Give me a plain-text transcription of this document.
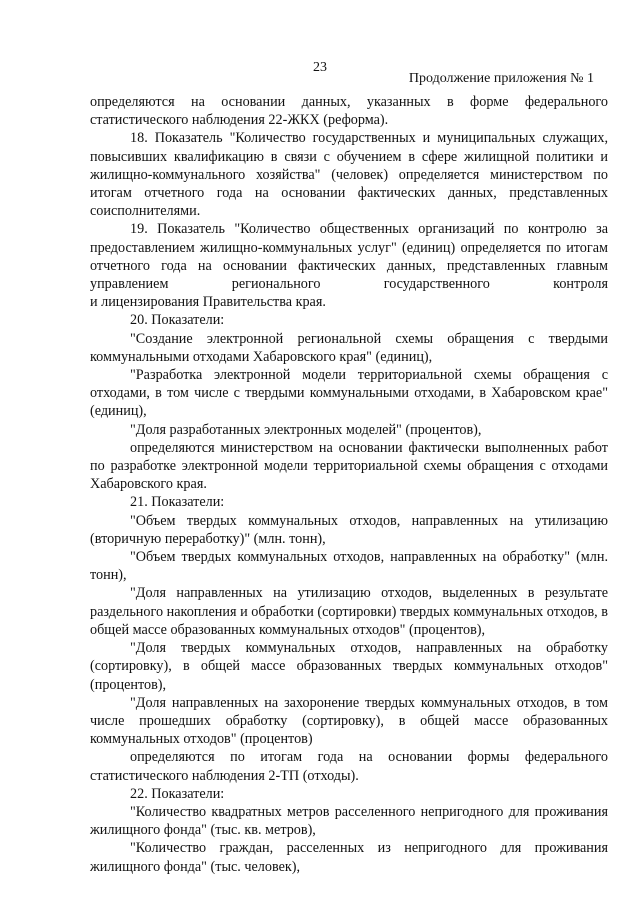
23
Продолжение приложения № 1

определяются на основании данных, указанных в форме федерального статистического наблюдения 22-ЖКХ (реформа).

18. Показатель "Количество государственных и муниципальных служащих, повысивших квалификацию в связи с обучением в сфере жилищной политики и жилищно-коммунального хозяйства" (человек) определяется министерством по итогам отчетного года на основании фактических данных, представленных соисполнителями.

19. Показатель "Количество общественных организаций по контролю за предоставлением жилищно-коммунальных услуг" (единиц) определяется по итогам отчетного года на основании фактических данных, представленных главным управлением регионального государственного контроля

и лицензирования Правительства края.

20. Показатели:

"Создание электронной региональной схемы обращения с твердыми коммунальными отходами Хабаровского края" (единиц),

"Разработка электронной модели территориальной схемы обращения с отходами, в том числе с твердыми коммунальными отходами, в Хабаровском крае" (единиц),

"Доля разработанных электронных моделей" (процентов),

определяются министерством на основании фактически выполненных работ по разработке электронной модели территориальной схемы обращения с отходами Хабаровского края.

21. Показатели:

"Объем твердых коммунальных отходов, направленных на утилизацию (вторичную переработку)" (млн. тонн),

"Объем твердых коммунальных отходов, направленных на обработку" (млн. тонн),

"Доля направленных на утилизацию отходов, выделенных в результате раздельного накопления и обработки (сортировки) твердых коммунальных отходов, в общей массе образованных коммунальных отходов" (процентов),

"Доля твердых коммунальных отходов, направленных на обработку (сортировку), в общей массе образованных твердых коммунальных отходов" (процентов),

"Доля направленных на захоронение твердых коммунальных отходов, в том числе прошедших обработку (сортировку), в общей массе образованных коммунальных отходов" (процентов)

определяются по итогам года на основании формы федерального статистического наблюдения 2-ТП (отходы).

22. Показатели:

"Количество квадратных метров расселенного непригодного для проживания жилищного фонда" (тыс. кв. метров),

"Количество граждан, расселенных из непригодного для проживания жилищного фонда" (тыс. человек),
